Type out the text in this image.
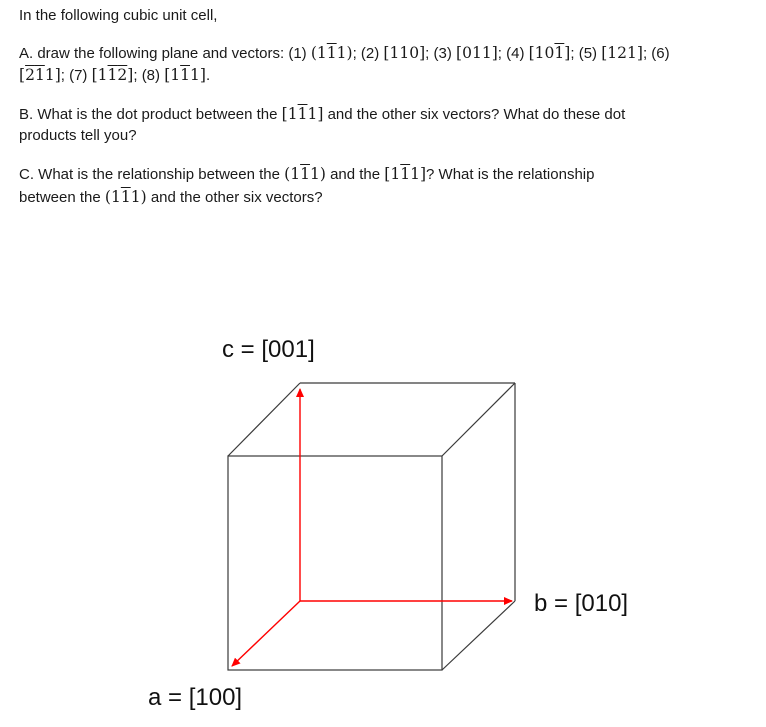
In the following cubic unit cell,

A. draw the following plane and vectors: (1) (111); (2) [110]; (3) [011]; (4) [101]; (5) [121]; (6)

[211]; (7) [112]; (8) [111].

B. What is the dot product between the [111] and the other six vectors? What do these dot

products tell you?

C. What is the relationship between the (111) and the [111]? What is the relationship

between the (111) and the other six vectors?

c = [001]

b = [010]

a = [100]
